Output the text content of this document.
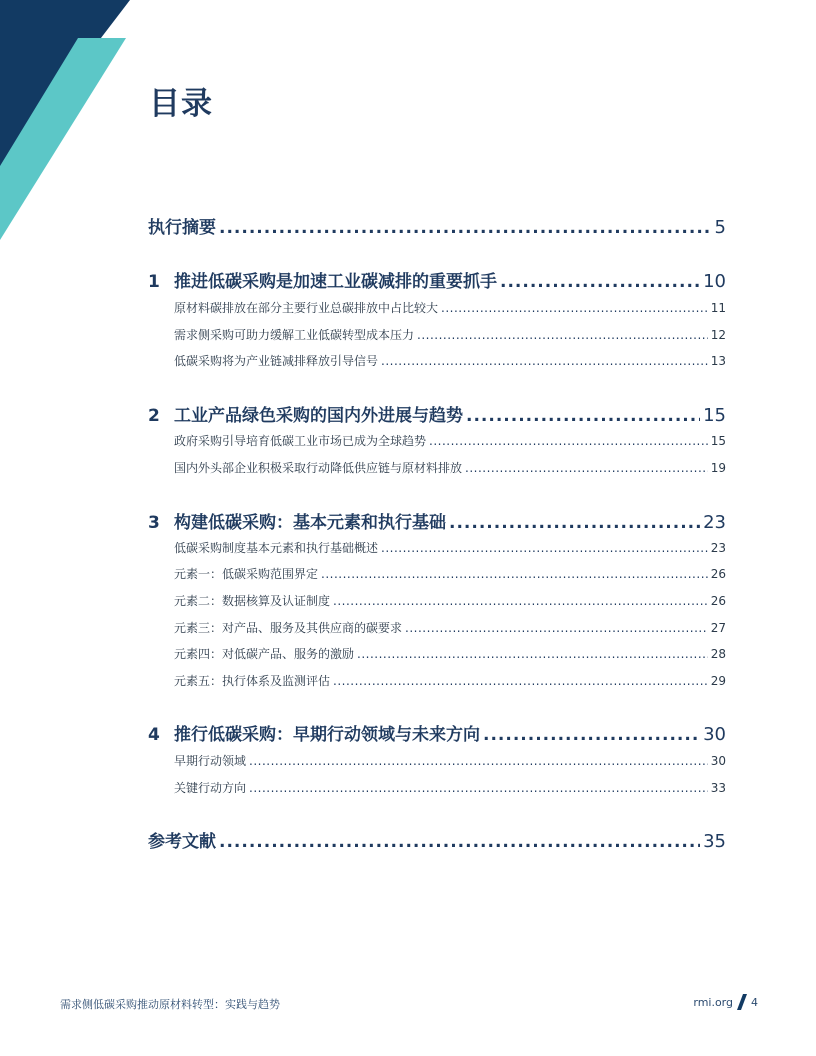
目录
执行摘要 .....	5
1 推进低碳采购是加速工业碳减排的重要抓手 .....	10
原材料碳排放在部分主要行业总碳排放中占比较大 .....	11
需求侧采购可助力缓解工业低碳转型成本压力 .....	12
低碳采购将为产业链减排释放引导信号 .....	13
2 工业产品绿色采购的国内外进展与趋势 .....	15
政府采购引导培育低碳工业市场已成为全球趋势 .....	15
国内外头部企业积极采取行动降低供应链与原材料排放 .....	19
3 构建低碳采购：基本元素和执行基础 .....	23
低碳采购制度基本元素和执行基础概述 .....	23
元素一：低碳采购范围界定 .....	26
元素二：数据核算及认证制度 .....	26
元素三：对产品、服务及其供应商的碳要求 .....	27
元素四：对低碳产品、服务的激励 .....	28
元素五：执行体系及监测评估 .....	29
4 推行低碳采购：早期行动领域与未来方向 .....	30
早期行动领域 .....	30
关键行动方向 .....	33
参考文献 .....	35
需求侧低碳采购推动原材料转型：实践与趋势	rmi.org 4
